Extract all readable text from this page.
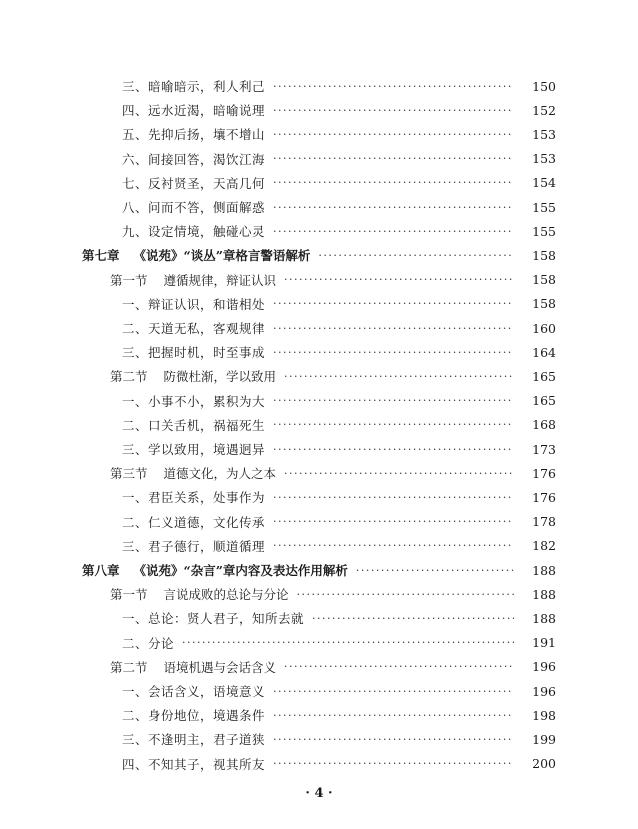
三、暗喻暗示，利人利己 ·····	150
四、远水近渴，暗喻说理 ·····	152
五、先抑后扬，壤不增山 ·····	153
六、间接回答，渴饮江海 ·····	153
七、反衬贤圣，天高几何 ·····	154
八、问而不答，侧面解惑 ·····	155
九、设定情境，触碰心灵 ·····	155
第七章 《说苑》“谈丛”章格言警语解析 ·····	158
第一节 遵循规律，辩证认识 ·····	158
一、辩证认识，和谐相处 ·····	158
二、天道无私，客观规律 ·····	160
三、把握时机，时至事成 ·····	164
第二节 防微杜渐，学以致用 ·····	165
一、小事不小，累积为大 ·····	165
二、口关舌机，祸福死生 ·····	168
三、学以致用，境遇迥异 ·····	173
第三节 道德文化，为人之本 ·····	176
一、君臣关系，处事作为 ·····	176
二、仁义道德，文化传承 ·····	178
三、君子德行，顺道循理 ·····	182
第八章 《说苑》“杂言”章内容及表达作用解析 ·····	188
第一节 言说成败的总论与分论 ·····	188
一、总论：贤人君子，知所去就 ·····	188
二、分论 ·····	191
第二节 语境机遇与会话含义 ·····	196
一、会话含义，语境意义 ·····	196
二、身份地位，境遇条件 ·····	198
三、不逢明主，君子道狭 ·····	199
四、不知其子，视其所友 ·····	200
· 4 ·
